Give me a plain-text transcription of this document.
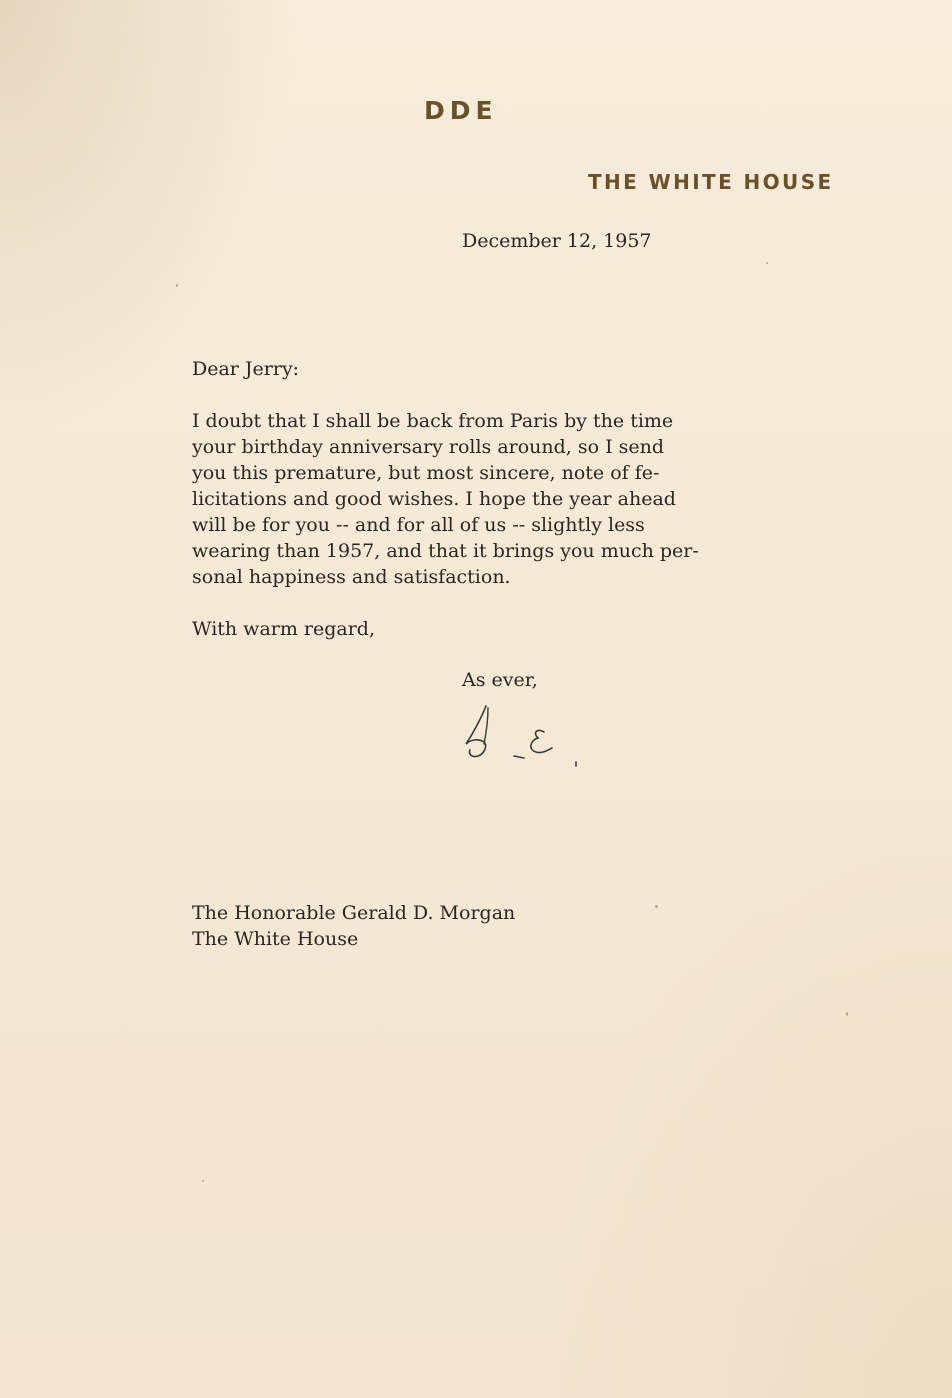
DDE
THE WHITE HOUSE
December 12, 1957
Dear Jerry:
I doubt that I shall be back from Paris by the time
your birthday anniversary rolls around, so I send
you this premature, but most sincere, note of fe-
licitations and good wishes. I hope the year ahead
will be for you -- and for all of us -- slightly less
wearing than 1957, and that it brings you much per-
sonal happiness and satisfaction.
With warm regard,
As ever,
The Honorable Gerald D. Morgan
The White House
